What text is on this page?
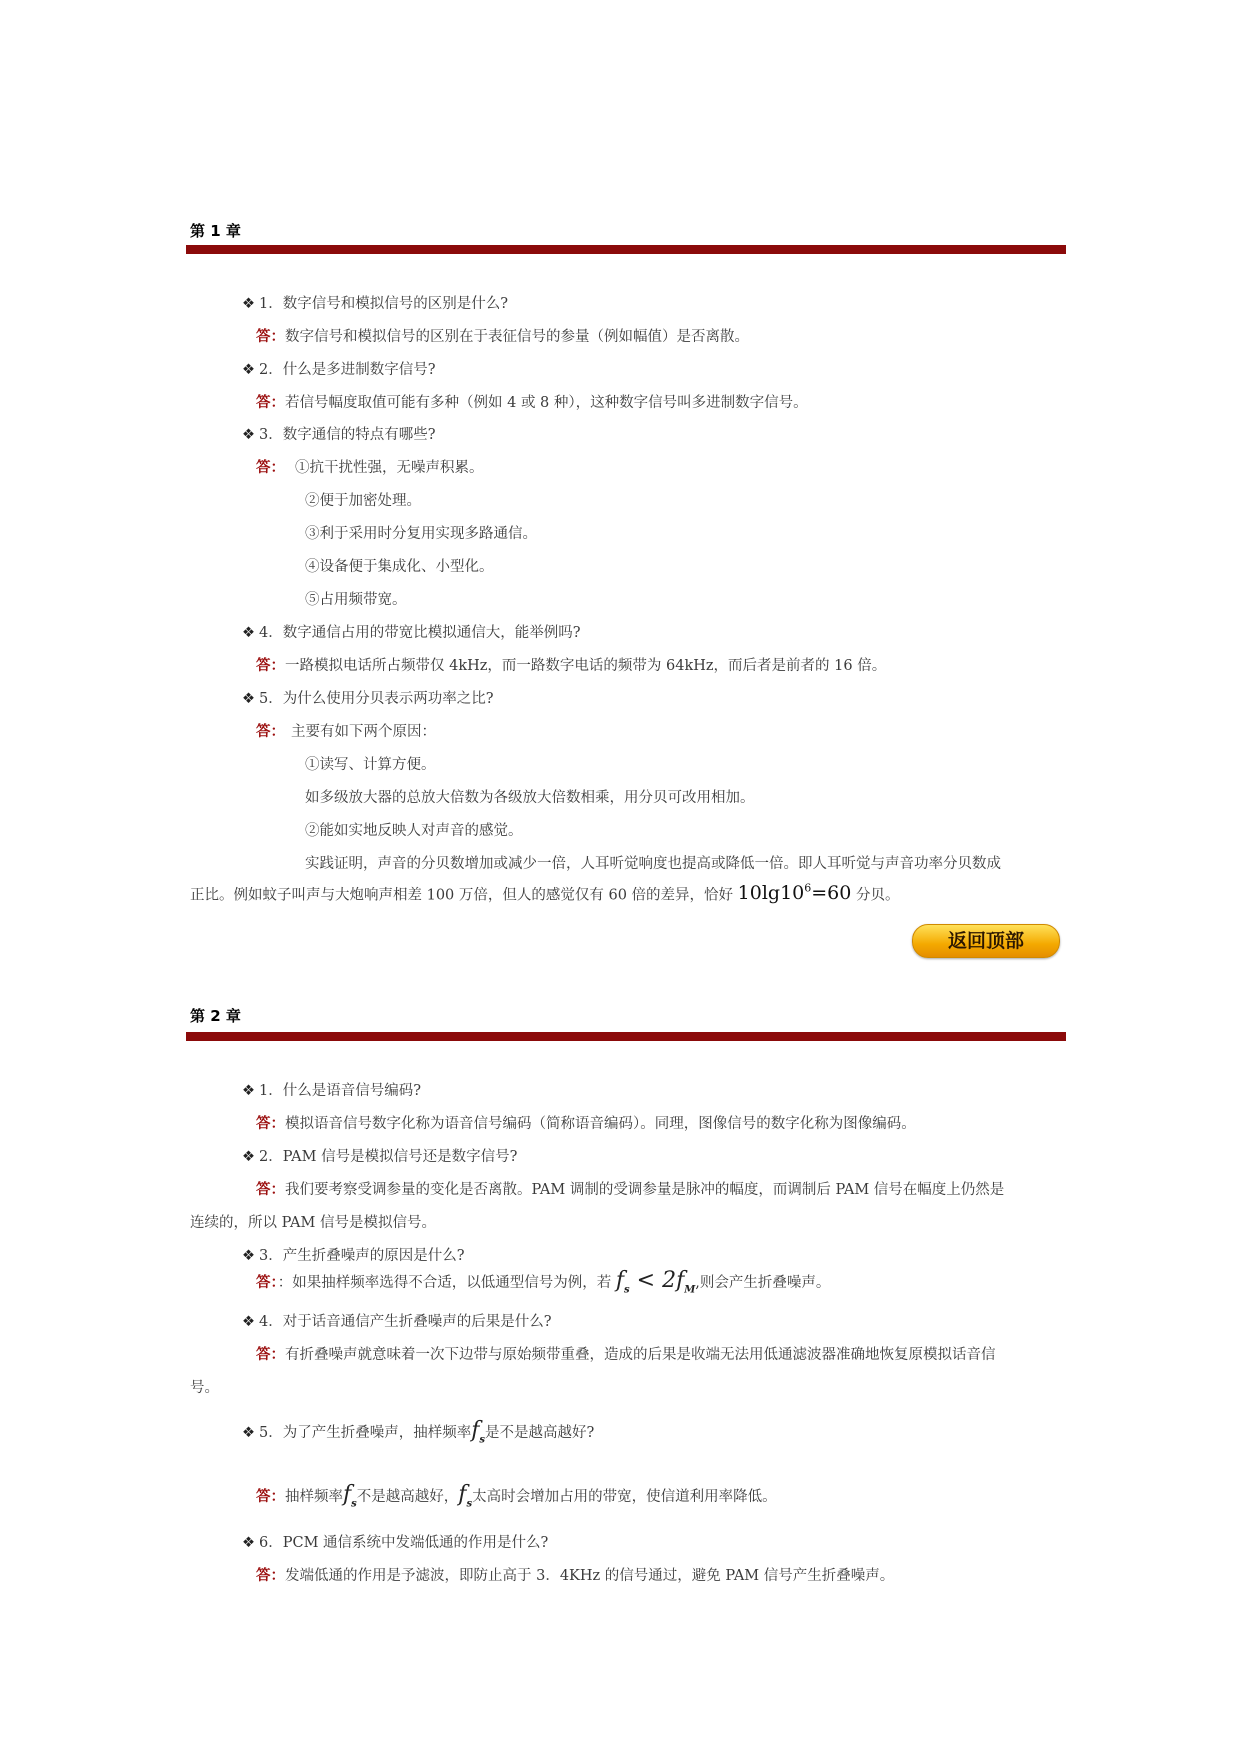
第 1 章
❖ 1．数字信号和模拟信号的区别是什么?
答：数字信号和模拟信号的区别在于表征信号的参量（例如幅值）是否离散。
❖ 2．什么是多进制数字信号?
答：若信号幅度取值可能有多种（例如 4 或 8 种），这种数字信号叫多进制数字信号。
❖ 3．数字通信的特点有哪些?
答： ①抗干扰性强，无噪声积累。
②便于加密处理。
③利于采用时分复用实现多路通信。
④设备便于集成化、小型化。
⑤占用频带宽。
❖ 4．数字通信占用的带宽比模拟通信大，能举例吗?
答：一路模拟电话所占频带仅 4kHz，而一路数字电话的频带为 64kHz，而后者是前者的 16 倍。
❖ 5．为什么使用分贝表示两功率之比?
答： 主要有如下两个原因：
①读写、计算方便。
如多级放大器的总放大倍数为各级放大倍数相乘，用分贝可改用相加。
②能如实地反映人对声音的感觉。
实践证明，声音的分贝数增加或减少一倍，人耳听觉响度也提高或降低一倍。即人耳听觉与声音功率分贝数成
正比。例如蚊子叫声与大炮响声相差 100 万倍，但人的感觉仅有 60 倍的差异，恰好 $10\lg 10^6=60$ 分贝。
返回顶部
第 2 章
❖ 1．什么是语音信号编码?
答：模拟语音信号数字化称为语音信号编码（简称语音编码）。同理，图像信号的数字化称为图像编码。
❖ 2．PAM 信号是模拟信号还是数字信号?
答：我们要考察受调参量的变化是否离散。PAM 调制的受调参量是脉冲的幅度，而调制后 PAM 信号在幅度上仍然是
连续的，所以 PAM 信号是模拟信号。
❖ 3．产生折叠噪声的原因是什么?
答：：如果抽样频率选得不合适，以低通型信号为例，若 $f_s < 2f_M$,则会产生折叠噪声。
❖ 4．对于话音通信产生折叠噪声的后果是什么?
答：有折叠噪声就意味着一次下边带与原始频带重叠，造成的后果是收端无法用低通滤波器准确地恢复原模拟话音信
号。
❖ 5．为了产生折叠噪声，抽样频率$f_s$是不是越高越好?
答：抽样频率$f_s$不是越高越好，$f_s$太高时会增加占用的带宽，使信道利用率降低。
❖ 6．PCM 通信系统中发端低通的作用是什么?
答：发端低通的作用是予滤波，即防止高于 3．4KHz 的信号通过，避免 PAM 信号产生折叠噪声。
